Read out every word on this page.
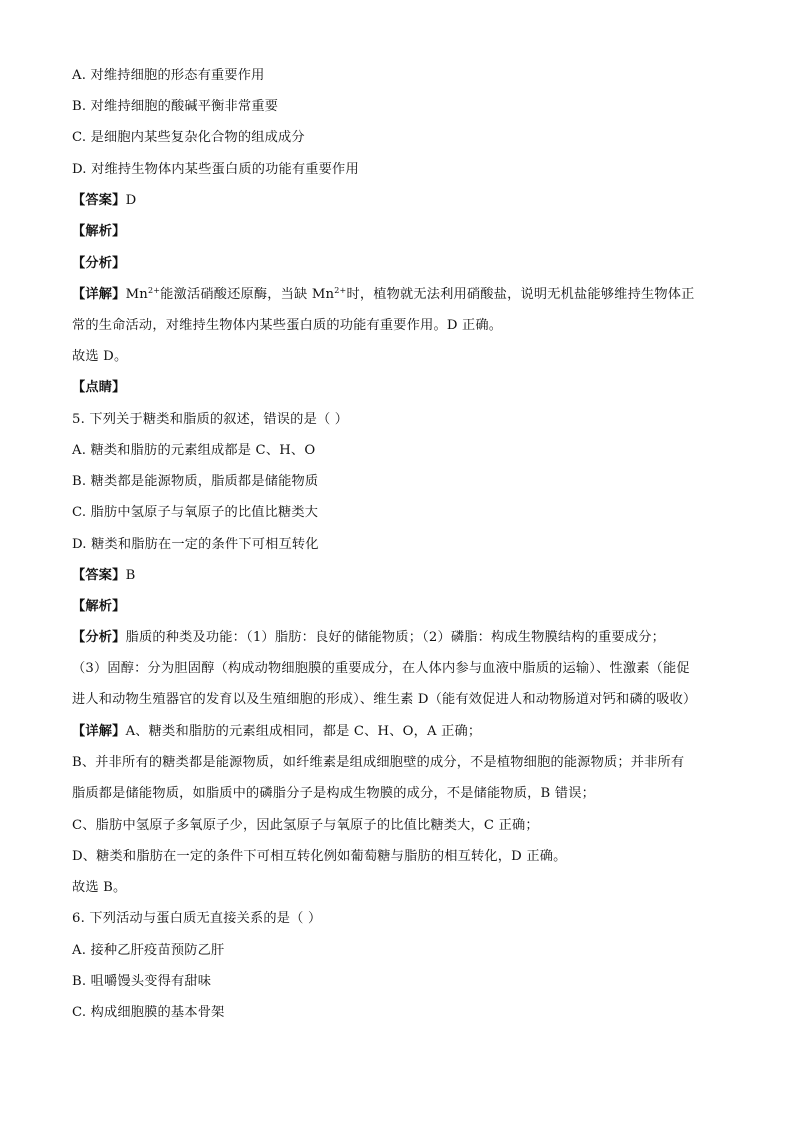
A. 对维持细胞的形态有重要作用
B. 对维持细胞的酸碱平衡非常重要
C. 是细胞内某些复杂化合物的组成成分
D. 对维持生物体内某些蛋白质的功能有重要作用
【答案】D
【解析】
【分析】
【详解】$Mn^{2+}$能激活硝酸还原酶，当缺 $Mn^{2+}$时，植物就无法利用硝酸盐，说明无机盐能够维持生物体正
常的生命活动，对维持生物体内某些蛋白质的功能有重要作用。D 正确。
故选 D。
【点睛】
5. 下列关于糖类和脂质的叙述，错误的是（ ）
A. 糖类和脂肪的元素组成都是 C、H、O
B. 糖类都是能源物质，脂质都是储能物质
C. 脂肪中氢原子与氧原子的比值比糖类大
D. 糖类和脂肪在一定的条件下可相互转化
【答案】B
【解析】
【分析】脂质的种类及功能：（1）脂肪：良好的储能物质；（2）磷脂：构成生物膜结构的重要成分；
（3）固醇：分为胆固醇（构成动物细胞膜的重要成分，在人体内参与血液中脂质的运输）、性激素（能促
进人和动物生殖器官的发育以及生殖细胞的形成）、维生素 D（能有效促进人和动物肠道对钙和磷的吸收）
【详解】A、糖类和脂肪的元素组成相同，都是 C、H、O，A 正确；
B、并非所有的糖类都是能源物质，如纤维素是组成细胞壁的成分，不是植物细胞的能源物质；并非所有
脂质都是储能物质，如脂质中的磷脂分子是构成生物膜的成分，不是储能物质，B 错误；
C、脂肪中氢原子多氧原子少，因此氢原子与氧原子的比值比糖类大，C 正确；
D、糖类和脂肪在一定的条件下可相互转化例如葡萄糖与脂肪的相互转化，D 正确。
故选 B。
6. 下列活动与蛋白质无直接关系的是（ ）
A. 接种乙肝疫苗预防乙肝
B. 咀嚼馒头变得有甜味
C. 构成细胞膜的基本骨架
